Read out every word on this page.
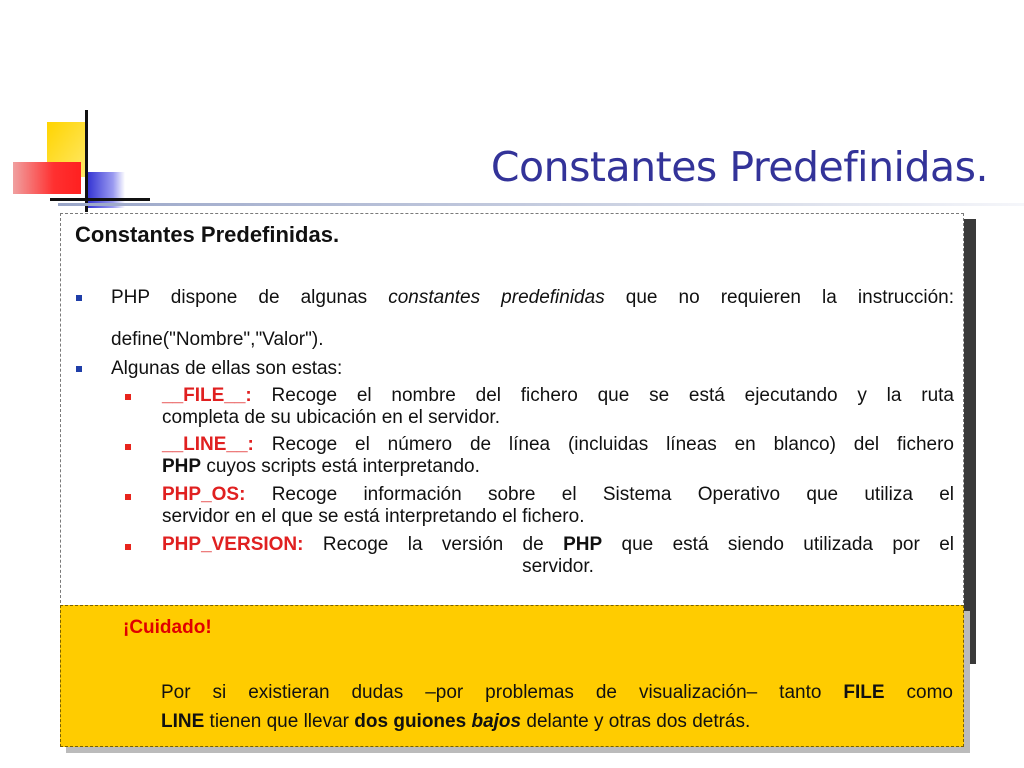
Constantes Predefinidas.
Constantes Predefinidas.
PHP dispone de algunas constantes predefinidas que no requieren la instrucción:
define("Nombre","Valor").
Algunas de ellas son estas:
__FILE__: Recoge el nombre del fichero que se está ejecutando y la ruta
completa de su ubicación en el servidor.
__LINE__: Recoge el número de línea (incluidas líneas en blanco) del fichero
PHP cuyos scripts está interpretando.
PHP_OS: Recoge información sobre el Sistema Operativo que utiliza el
servidor en el que se está interpretando el fichero.
PHP_VERSION: Recoge la versión de PHP que está siendo utilizada por el
servidor.
¡Cuidado!
Por si existieran dudas –por problemas de visualización– tanto FILE como
LINE tienen que llevar dos guiones bajos delante y otras dos detrás.
